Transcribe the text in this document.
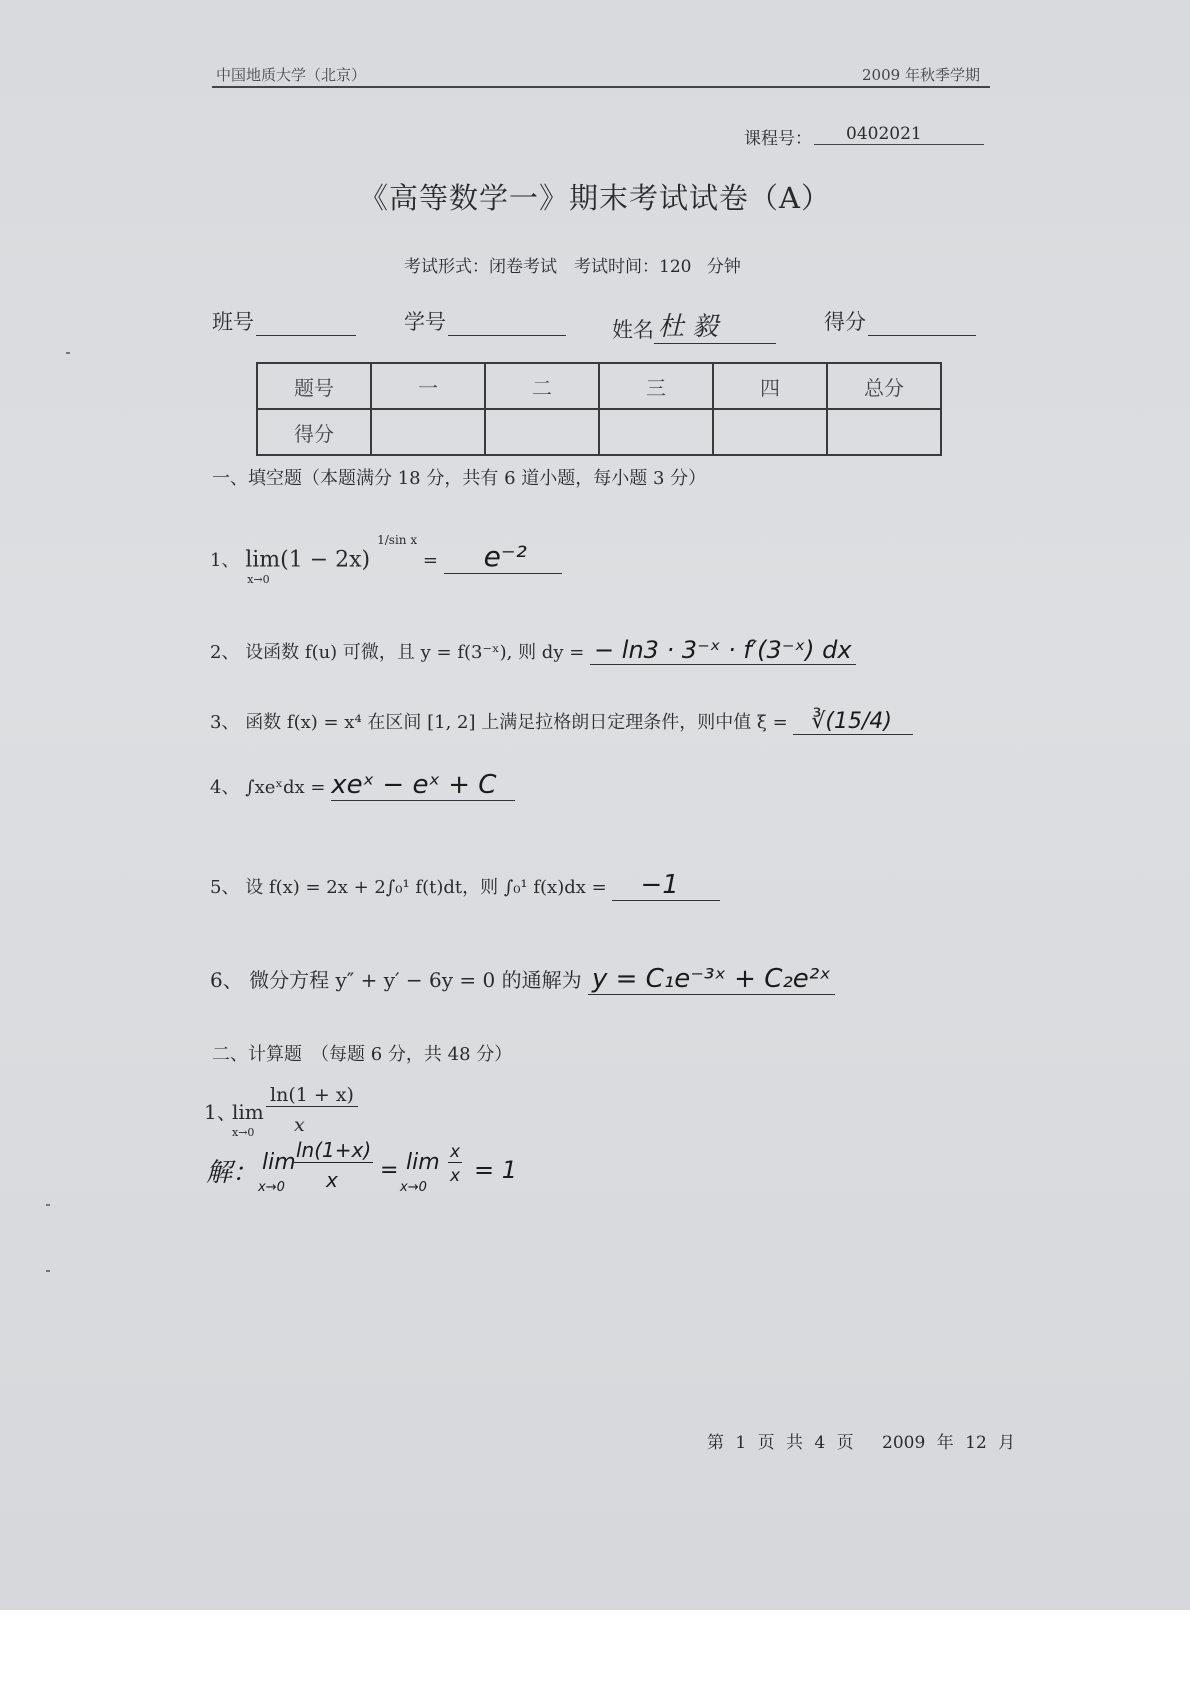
中国地质大学（北京）	2009 年秋季学期
课程号：	0402021
《高等数学一》期末考试试卷（A）
考试形式：闭卷考试　考试时间：120 分钟
班号	学号	姓名 杜 毅	得分
题号	一	二	三	四	总分
得分					
一、填空题（本题满分 18 分，共有 6 道小题，每小题 3 分）
1、 lim(1 − 2x) $^{1/sin x}$
x→0
= e⁻²
2、 设函数 f(u) 可微，且 y = f(3⁻ˣ), 则 dy = − ln3 · 3⁻ˣ · f′(3⁻ˣ) dx
3、 函数 f(x) = x⁴ 在区间 [1, 2] 上满足拉格朗日定理条件，则中值 ξ = ∛(15/4)
4、 ∫xeˣdx = xeˣ − eˣ + C
5、 设 f(x) = 2x + 2∫₀¹ f(t)dt，则 ∫₀¹ f(x)dx = −1
6、 微分方程 y″ + y′ − 6y = 0 的通解为 y = C₁e⁻³ˣ + C₂e²ˣ
二、计算题　（每题 6 分，共 48 分）
1、
lim
x→0
ln(1 + x)
x
解： lim
x→0
ln(1+x)
x = lim
x→0
x
x = 1
第 1 页 共 4 页　 2009 年 12 月
